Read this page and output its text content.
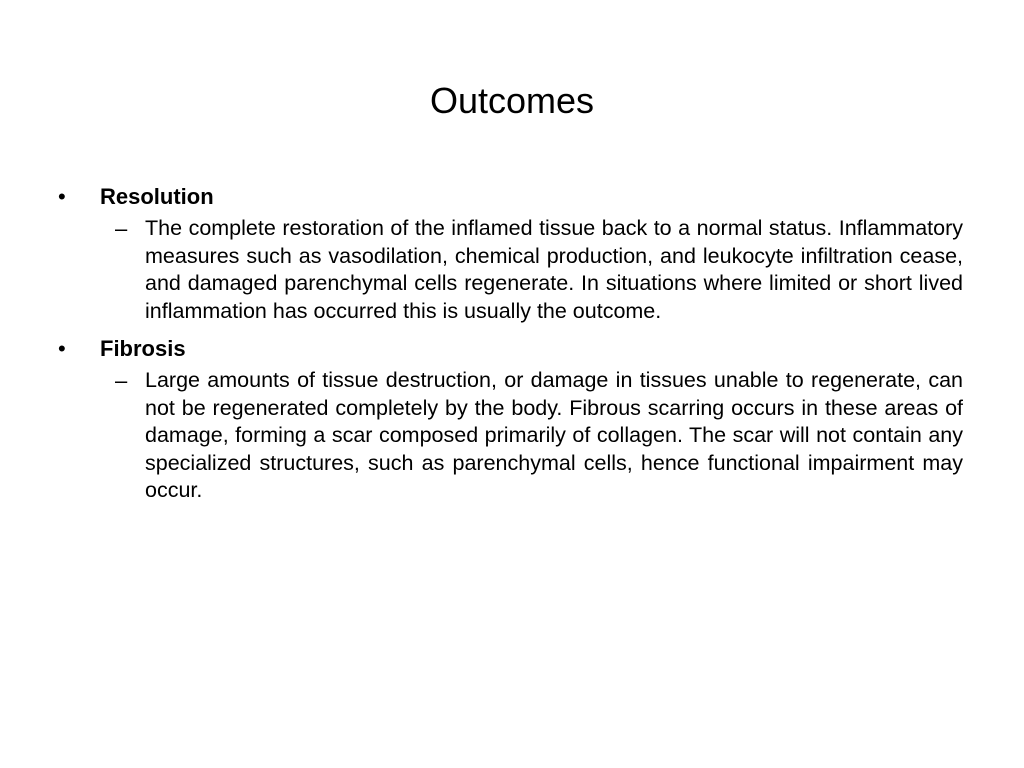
Outcomes
• Resolution
– The complete restoration of the inflamed tissue back to a normal status. Inflammatory measures such as vasodilation, chemical production, and leukocyte infiltration cease, and damaged parenchymal cells regenerate. In situations where limited or short lived inflammation has occurred this is usually the outcome.
• Fibrosis
– Large amounts of tissue destruction, or damage in tissues unable to regenerate, can not be regenerated completely by the body. Fibrous scarring occurs in these areas of damage, forming a scar composed primarily of collagen. The scar will not contain any specialized structures, such as parenchymal cells, hence functional impairment may occur.
